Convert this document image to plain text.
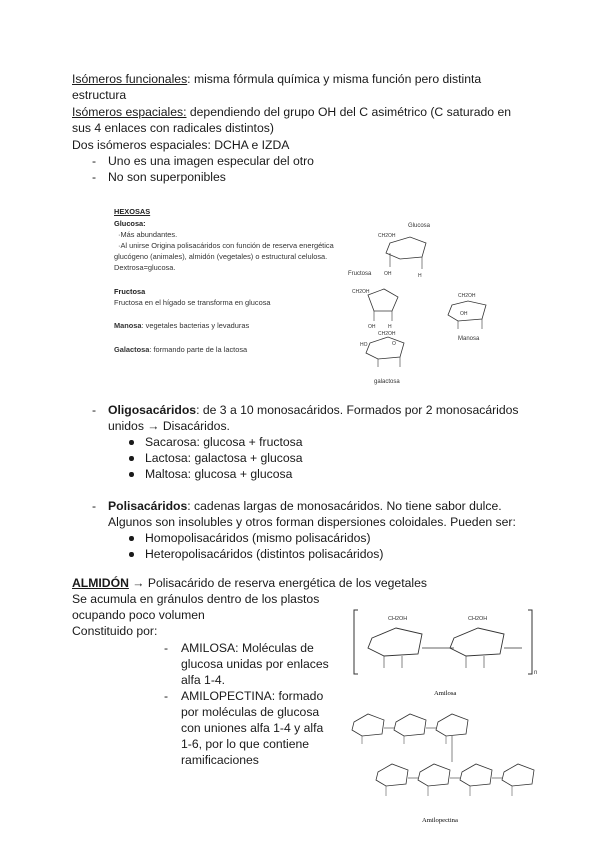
Isómeros funcionales: misma fórmula química y misma función pero distinta
estructura
Isómeros espaciales: dependiendo del grupo OH del C asimétrico (C saturado en
sus 4 enlaces con radicales distintos)
Dos isómeros espaciales: DCHA e IZDA
- Uno es una imagen especular del otro
- No son superponibles
HEXOSAS
Glucosa:
·Más abundantes.
·Al unirse Origina polisacáridos con función de reserva energética
glucógeno (animales), almidón (vegetales) o estructural celulosa.
Dextrosa=glucosa.
Fructosa
Fructosa en el hígado se transforma en glucosa
Manosa: vegetales bacterias y levaduras
Galactosa: formando parte de la lactosa
Glucosa
CH2OH
OH	H
Fructosa
CH2OH
OH	H
CH2OH
OH
Manosa
CH2OH
O
HO
galactosa
- Oligosacáridos: de 3 a 10 monosacáridos. Formados por 2 monosacáridos
unidos → Disacáridos.
Sacarosa: glucosa + fructosa
Lactosa: galactosa + glucosa
Maltosa: glucosa + glucosa
- Polisacáridos: cadenas largas de monosacáridos. No tiene sabor dulce.
Algunos son insolubles y otros forman dispersiones coloidales. Pueden ser:
Homopolisacáridos (mismo polisacáridos)
Heteropolisacáridos (distintos polisacáridos)
ALMIDÓN → Polisacárido de reserva energética de los vegetales
Se acumula en gránulos dentro de los plastos
ocupando poco volumen
Constituido por:
- AMILOSA: Moléculas de
glucosa unidas por enlaces
alfa 1-4.
- AMILOPECTINA: formado
por moléculas de glucosa
con uniones alfa 1-4 y alfa
1-6, por lo que contiene
ramificaciones
n
CH2OH	CH2OH
Amilosa
Amilopectina
